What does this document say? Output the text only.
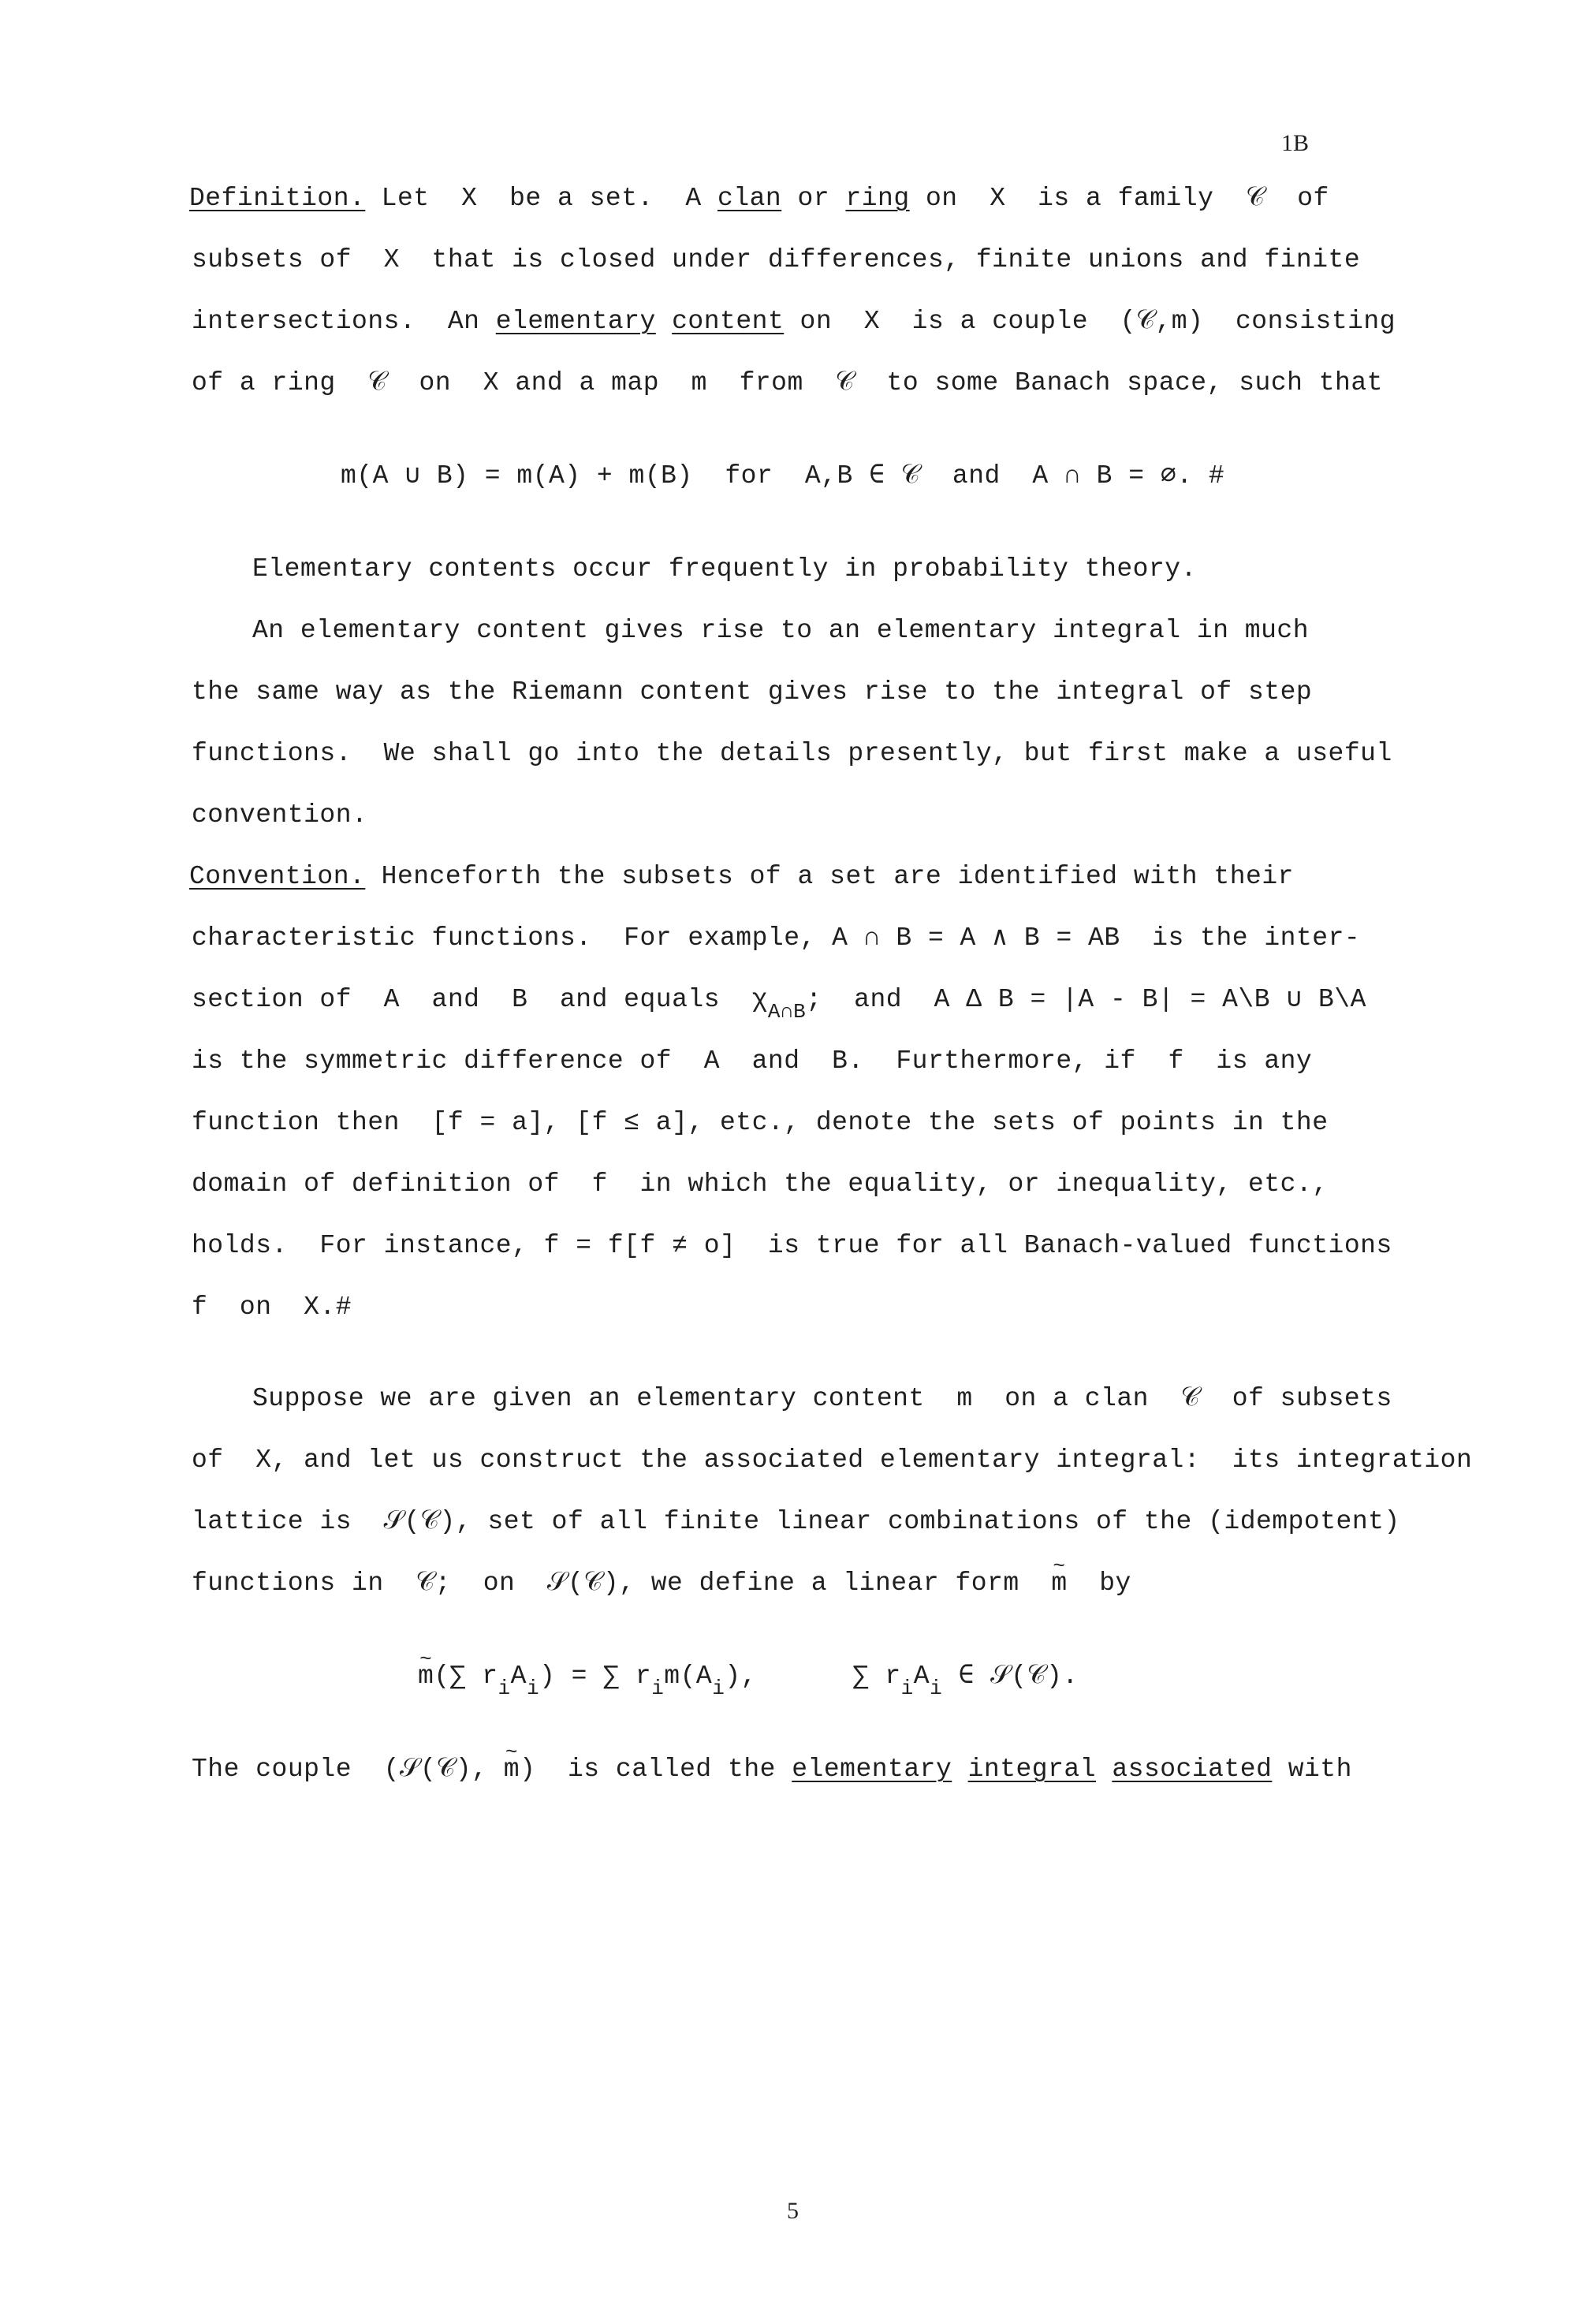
1B
Definition. Let  X  be a set.  A clan or ring on  X  is a family  𝒞  of
subsets of  X  that is closed under differences, finite unions and finite
intersections.  An elementary content on  X  is a couple  (𝒞,m)  consisting
of a ring  𝒞  on  X and a map  m  from  𝒞  to some Banach space, such that
m(A ∪ B) = m(A) + m(B)  for  A,B ∈ 𝒞  and  A ∩ B = ∅. #
Elementary contents occur frequently in probability theory.
An elementary content gives rise to an elementary integral in much
the same way as the Riemann content gives rise to the integral of step
functions.  We shall go into the details presently, but first make a useful
convention.
Convention. Henceforth the subsets of a set are identified with their
characteristic functions.  For example, A ∩ B = A ∧ B = AB  is the inter-
section of  A  and  B  and equals  $\chi_{A\cap B}$;  and  A Δ B = |A - B| = A\B ∪ B\A
is the symmetric difference of  A  and  B.  Furthermore, if  f  is any
function then  [f = a], [f ≤ a], etc., denote the sets of points in the
domain of definition of  f  in which the equality, or inequality, etc.,
holds.  For instance, f = f[f ≠ o]  is true for all Banach-valued functions
f  on  X.#
Suppose we are given an elementary content  m  on a clan  𝒞  of subsets
of  X, and let us construct the associated elementary integral:  its integration
lattice is  𝒮(𝒞), set of all finite linear combinations of the (idempotent)
functions in  𝒞;  on  𝒮(𝒞), we define a linear form  ~ m  by
~ m(∑ $r_iA_i$) = ∑ $r_im(A_i)$,      ∑ $r_iA_i$ ∈ 𝒮(𝒞).
The couple  (𝒮(𝒞), ~ m)  is called the elementary integral associated with
5
